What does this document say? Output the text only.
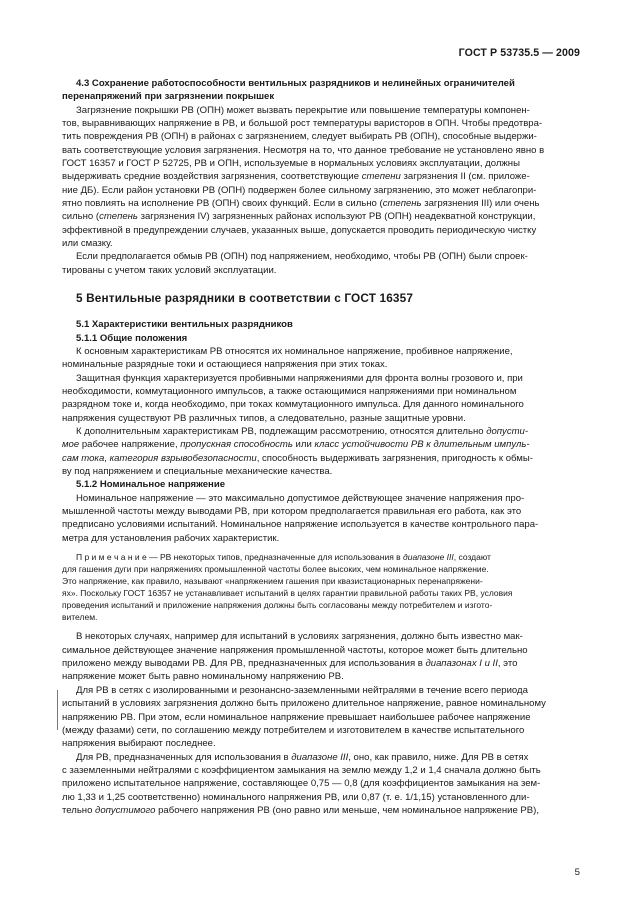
ГОСТ Р 53735.5 — 2009

4.3 Сохранение работоспособности вентильных разрядников и нелинейных ограничителей

перенапряжений при загрязнении покрышек

Загрязнение покрышки РВ (ОПН) может вызвать перекрытие или повышение температуры компонен-

тов, выравнивающих напряжение в РВ, и большой рост температуры варисторов в ОПН. Чтобы предотвра-

тить повреждения РВ (ОПН) в районах с загрязнением, следует выбирать РВ (ОПН), способные выдержи-

вать соответствующие условия загрязнения. Несмотря на то, что данное требование не установлено явно в

ГОСТ 16357 и ГОСТ Р 52725, РВ и ОПН, используемые в нормальных условиях эксплуатации, должны

выдерживать средние воздействия загрязнения, соответствующие степени загрязнения II (см. приложе-

ние ДБ). Если район установки РВ (ОПН) подвержен более сильному загрязнению, это может неблагопри-

ятно повлиять на исполнение РВ (ОПН) своих функций. Если в сильно (степень загрязнения III) или очень

сильно (степень загрязнения IV) загрязненных районах используют РВ (ОПН) неадекватной конструкции,

эффективной в предупреждении случаев, указанных выше, допускается проводить периодическую чистку

или смазку.

Если предполагается обмыв РВ (ОПН) под напряжением, необходимо, чтобы РВ (ОПН) были спроек-

тированы с учетом таких условий эксплуатации.

5 Вентильные разрядники в соответствии с ГОСТ 16357

5.1 Характеристики вентильных разрядников

5.1.1 Общие положения

К основным характеристикам РВ относятся их номинальное напряжение, пробивное напряжение,

номинальные разрядные токи и остающиеся напряжения при этих токах.

Защитная функция характеризуется пробивными напряжениями для фронта волны грозового и, при

необходимости, коммутационного импульсов, а также остающимися напряжениями при номинальном

разрядном токе и, когда необходимо, при токах коммутационного импульса. Для данного номинального

напряжения существуют РВ различных типов, а следовательно, разные защитные уровни.

К дополнительным характеристикам РВ, подлежащим рассмотрению, относятся длительно допусти-

мое рабочее напряжение, пропускная способность или класс устойчивости РВ к длительным импуль-

сам тока, категория взрывобезопасности, способность выдерживать загрязнения, пригодность к обмы-

ву под напряжением и специальные механические качества.

5.1.2 Номинальное напряжение

Номинальное напряжение — это максимально допустимое действующее значение напряжения про-

мышленной частоты между выводами РВ, при котором предполагается правильная его работа, как это

предписано условиями испытаний. Номинальное напряжение используется в качестве контрольного пара-

метра для установления рабочих характеристик.

П р и м е ч а н и е — РВ некоторых типов, предназначенные для использования в диапазоне III, создают

для гашения дуги при напряжениях промышленной частоты более высоких, чем номинальное напряжение.

Это напряжение, как правило, называют «напряжением гашения при квазистационарных перенапряжени-

ях». Поскольку ГОСТ 16357 не устанавливает испытаний в целях гарантии правильной работы таких РВ, условия

проведения испытаний и приложение напряжения должны быть согласованы между потребителем и изгото-

вителем.

В некоторых случаях, например для испытаний в условиях загрязнения, должно быть известно мак-

симальное действующее значение напряжения промышленной частоты, которое может быть длительно

приложено между выводами РВ. Для РВ, предназначенных для использования в диапазонах I и II, это

напряжение может быть равно номинальному напряжению РВ.

Для РВ в сетях с изолированными и резонансно-заземленными нейтралями в течение всего периода

испытаний в условиях загрязнения должно быть приложено длительное напряжение, равное номинальному

напряжению РВ. При этом, если номинальное напряжение превышает наибольшее рабочее напряжение

(между фазами) сети, по соглашению между потребителем и изготовителем в качестве испытательного

напряжения выбирают последнее.

Для РВ, предназначенных для использования в диапазоне III, оно, как правило, ниже. Для РВ в сетях

с заземленными нейтралями с коэффициентом замыкания на землю между 1,2 и 1,4 сначала должно быть

приложено испытательное напряжение, составляющее 0,75 — 0,8 (для коэффициентов замыкания на зем-

лю 1,33 и 1,25 соответственно) номинального напряжения РВ, или 0,87 (т. е. 1/1,15) установленного дли-

тельно допустимого рабочего напряжения РВ (оно равно или меньше, чем номинальное напряжение РВ),

5
